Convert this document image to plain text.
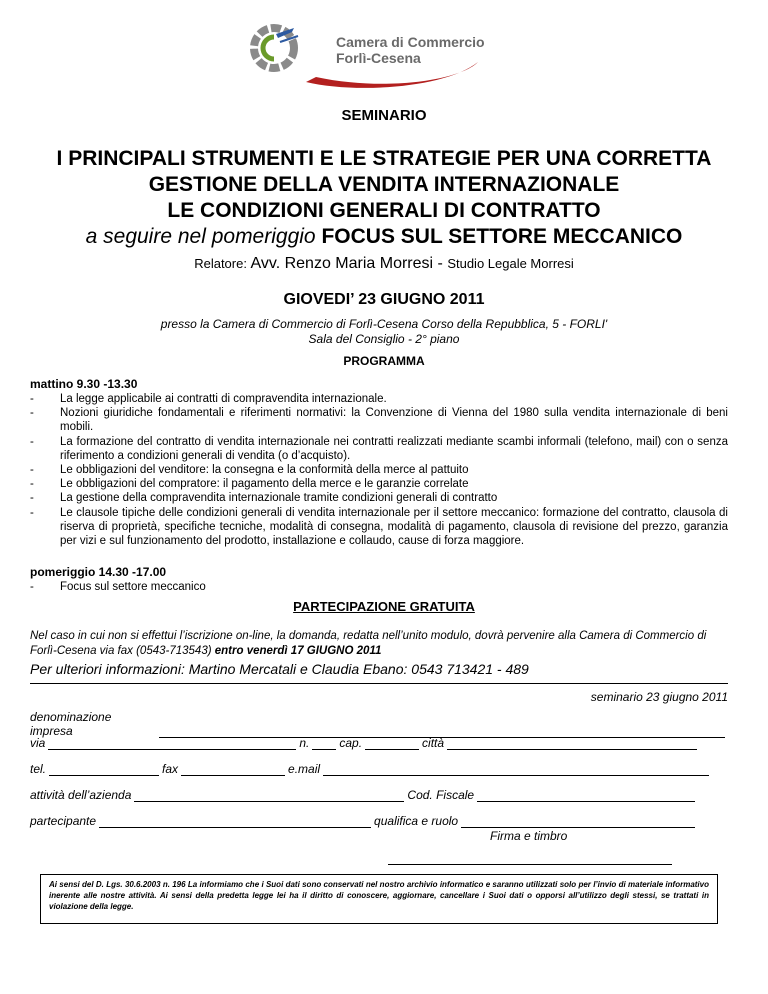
Camera di Commercio
Forlì-Cesena
SEMINARIO
I PRINCIPALI STRUMENTI E LE STRATEGIE PER UNA CORRETTA
GESTIONE DELLA VENDITA INTERNAZIONALE
LE CONDIZIONI GENERALI DI CONTRATTO
a seguire nel pomeriggio FOCUS SUL SETTORE MECCANICO
Relatore: Avv. Renzo Maria Morresi - Studio Legale Morresi
GIOVEDI’ 23 GIUGNO 2011
presso la Camera di Commercio di Forlì-Cesena Corso della Repubblica, 5 - FORLI'
Sala del Consiglio - 2° piano
PROGRAMMA
mattino 9.30 -13.30
- La legge applicabile ai contratti di compravendita internazionale.
- Nozioni giuridiche fondamentali e riferimenti normativi: la Convenzione di Vienna del 1980 sulla vendita internazionale di beni mobili.
- La formazione del contratto di vendita internazionale nei contratti realizzati mediante scambi informali (telefono, mail) con o senza riferimento a condizioni generali di vendita (o d’acquisto).
- Le obbligazioni del venditore: la consegna e la conformità della merce al pattuito
- Le obbligazioni del compratore: il pagamento della merce e le garanzie correlate
- La gestione della compravendita internazionale tramite condizioni generali di contratto
- Le clausole tipiche delle condizioni generali di vendita internazionale per il settore meccanico: formazione del contratto, clausola di riserva di proprietà, specifiche tecniche, modalità di consegna, modalità di pagamento, clausola di revisione del prezzo, garanzia per vizi e sul funzionamento del prodotto, installazione e collaudo, cause di forza maggiore.
pomeriggio 14.30 -17.00
- Focus sul settore meccanico
PARTECIPAZIONE GRATUITA
Nel caso in cui non si effettui l’iscrizione on-line, la domanda, redatta nell’unito modulo, dovrà pervenire alla Camera di Commercio di Forlì-Cesena via fax (0543-713543) entro venerdì 17 GIUGNO 2011
Per ulteriori informazioni: Martino Mercatali e Claudia Ebano: 0543 713421 - 489
seminario 23 giugno 2011
denominazione impresa
via	n.	cap.	città
tel.	fax	e.mail
attività dell’azienda	Cod. Fiscale
partecipante	qualifica e ruolo
Firma e timbro
Ai sensi del D. Lgs. 30.6.2003 n. 196 La informiamo che i Suoi dati sono conservati nel nostro archivio informatico e saranno utilizzati solo per l’invio di materiale informativo inerente alle nostre attività. Ai sensi della predetta legge lei ha il diritto di conoscere, aggiornare, cancellare i Suoi dati o opporsi all’utilizzo degli stessi, se trattati in violazione della legge.
